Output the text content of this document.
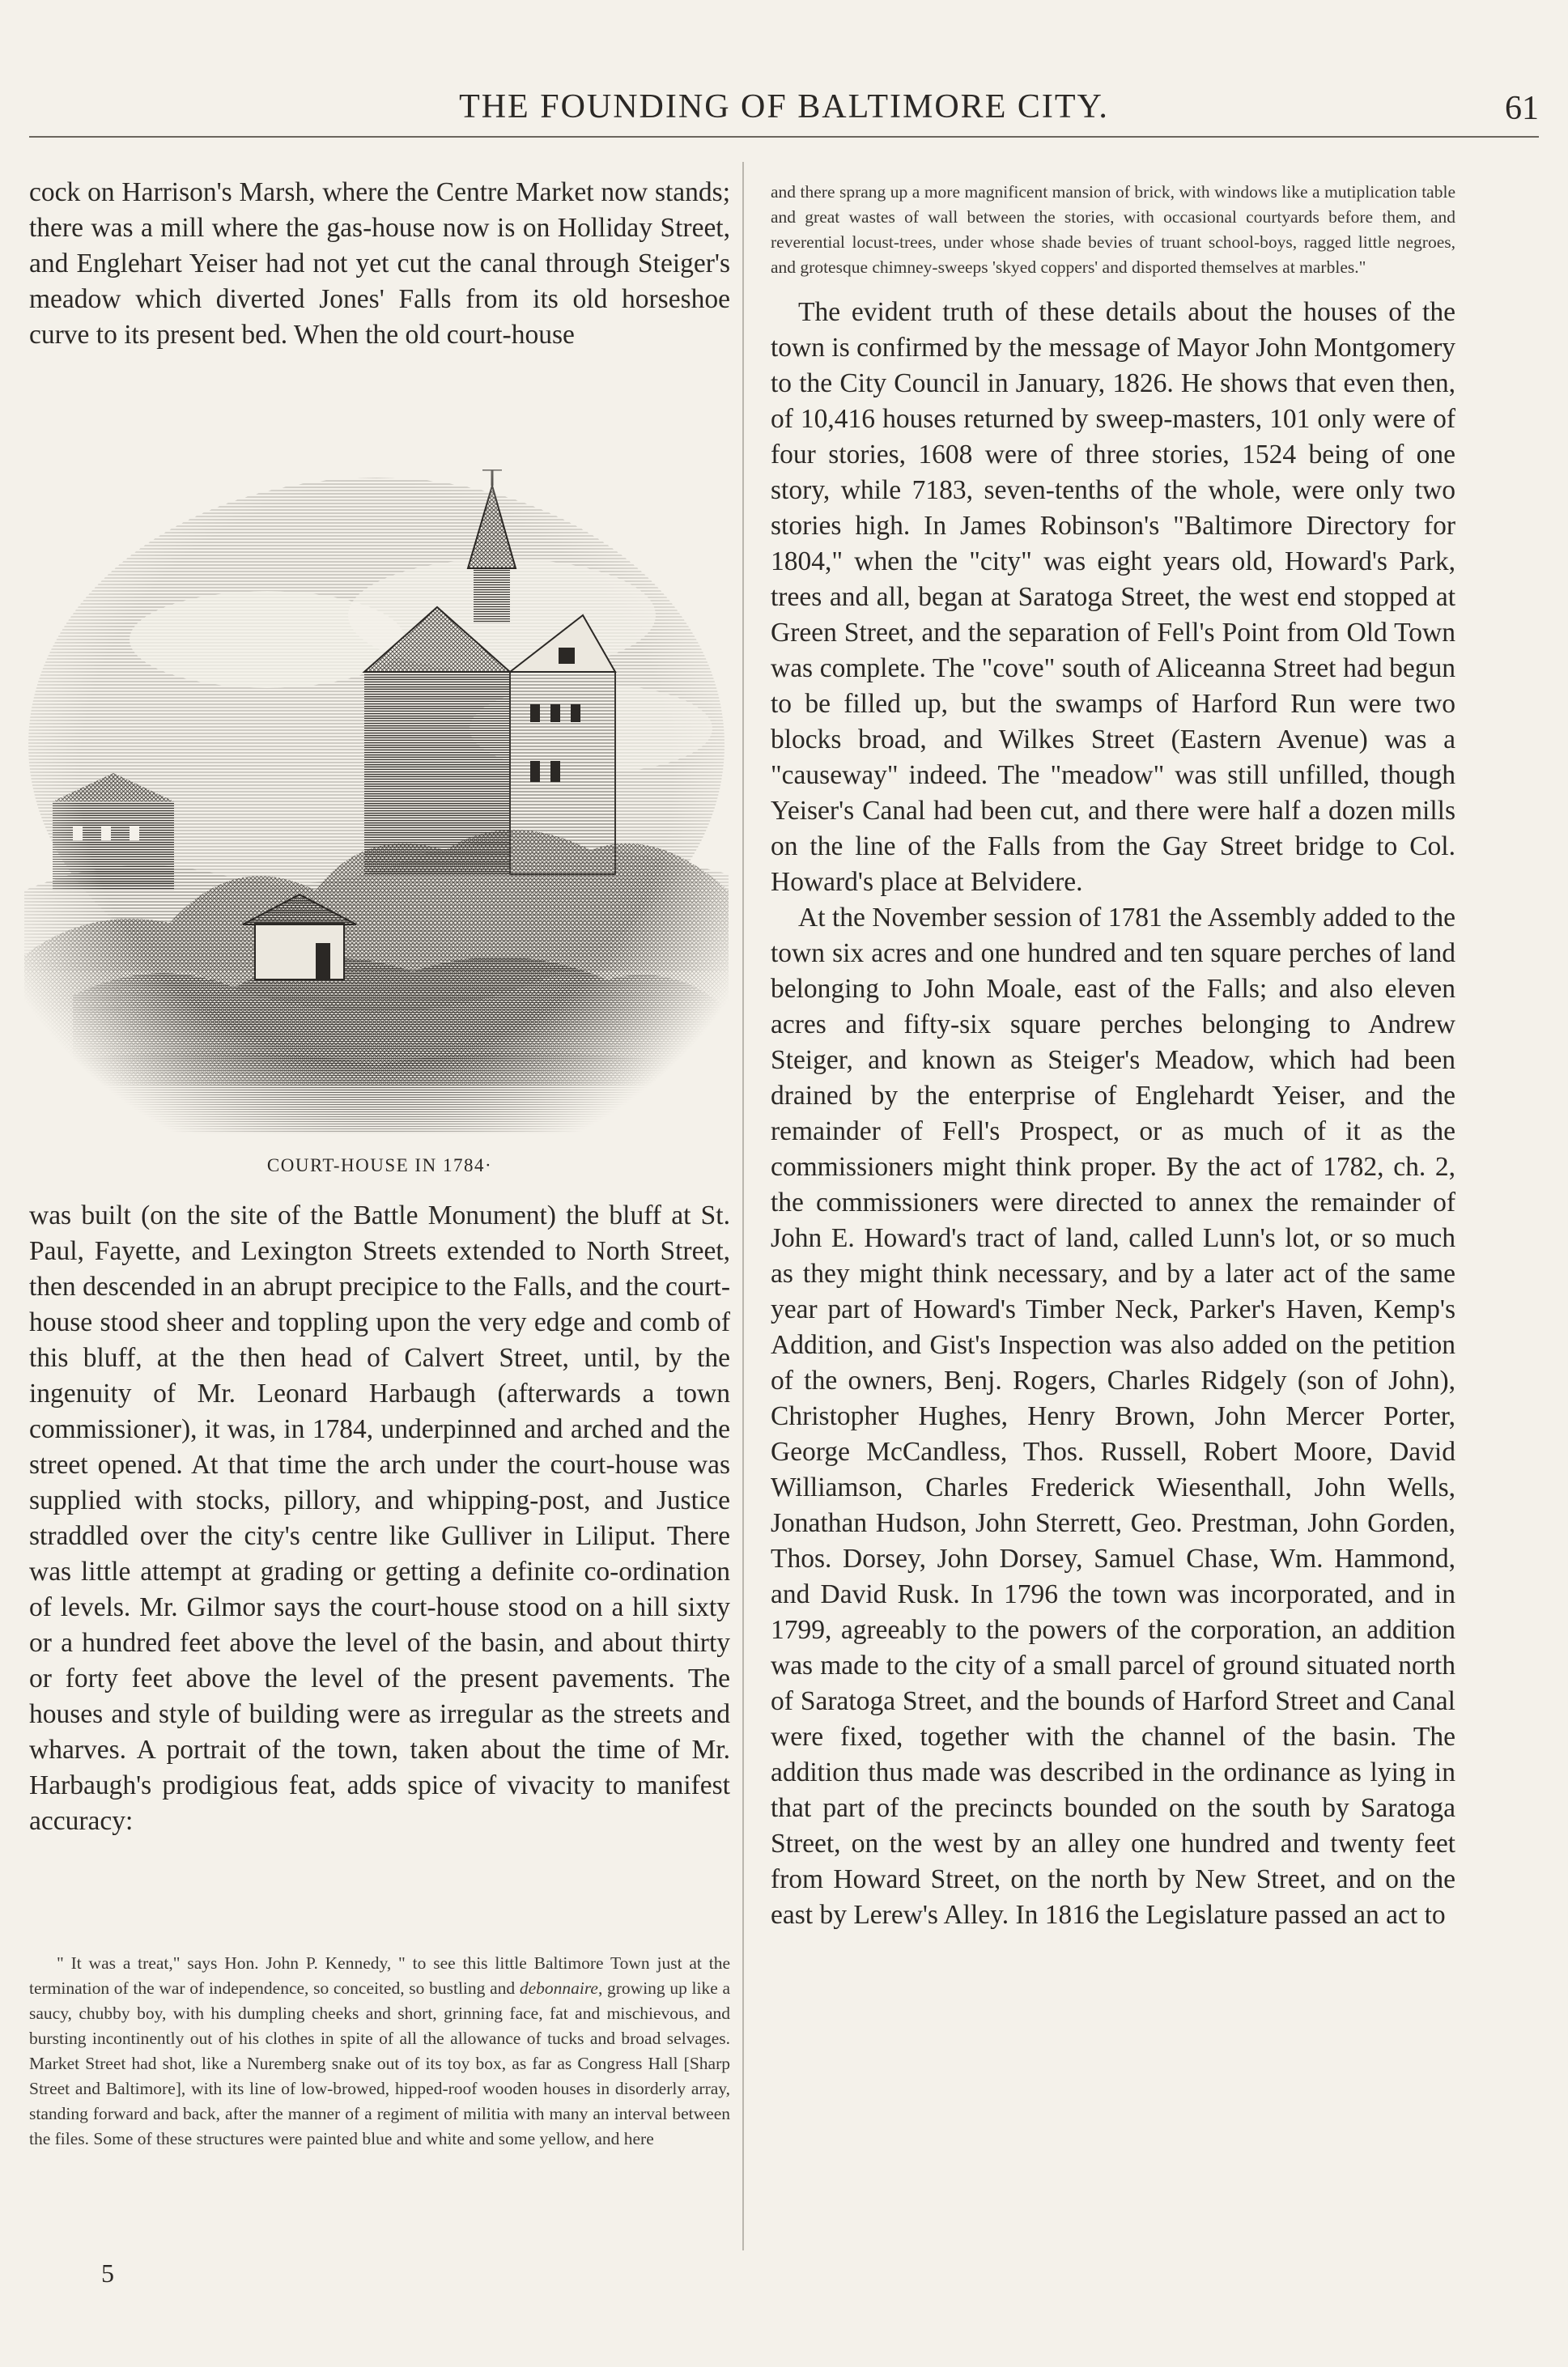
THE FOUNDING OF BALTIMORE CITY.	61

cock on Harrison's Marsh, where the Centre Market now stands; there was a mill where the gas-house now is on Holliday Street, and Englehart Yeiser had not yet cut the canal through Steiger's meadow which diverted Jones' Falls from its old horseshoe curve to its present bed. When the old court-house

COURT-HOUSE IN 1784·

was built (on the site of the Battle Monument) the bluff at St. Paul, Fayette, and Lexington Streets extended to North Street, then descended in an abrupt precipice to the Falls, and the court-house stood sheer and toppling upon the very edge and comb of this bluff, at the then head of Calvert Street, until, by the ingenuity of Mr. Leonard Harbaugh (afterwards a town commissioner), it was, in 1784, underpinned and arched and the street opened. At that time the arch under the court-house was supplied with stocks, pillory, and whipping-post, and Justice straddled over the city's centre like Gulliver in Liliput. There was little attempt at grading or getting a definite co-ordination of levels. Mr. Gilmor says the court-house stood on a hill sixty or a hundred feet above the level of the basin, and about thirty or forty feet above the level of the present pavements. The houses and style of building were as irregular as the streets and wharves. A portrait of the town, taken about the time of Mr. Harbaugh's prodigious feat, adds spice of vivacity to manifest accuracy:

" It was a treat," says Hon. John P. Kennedy, " to see this little Baltimore Town just at the termination of the war of independence, so conceited, so bustling and debonnaire, growing up like a saucy, chubby boy, with his dumpling cheeks and short, grinning face, fat and mischievous, and bursting incontinently out of his clothes in spite of all the allowance of tucks and broad selvages. Market Street had shot, like a Nuremberg snake out of its toy box, as far as Congress Hall [Sharp Street and Baltimore], with its line of low-browed, hipped-roof wooden houses in disorderly array, standing forward and back, after the manner of a regiment of militia with many an interval between the files. Some of these structures were painted blue and white and some yellow, and here

5

and there sprang up a more magnificent mansion of brick, with windows like a mutiplication table and great wastes of wall between the stories, with occasional courtyards before them, and reverential locust-trees, under whose shade bevies of truant school-boys, ragged little negroes, and grotesque chimney-sweeps 'skyed coppers' and disported themselves at marbles."

The evident truth of these details about the houses of the town is confirmed by the message of Mayor John Montgomery to the City Council in January, 1826. He shows that even then, of 10,416 houses returned by sweep-masters, 101 only were of four stories, 1608 were of three stories, 1524 being of one story, while 7183, seven-tenths of the whole, were only two stories high. In James Robinson's "Baltimore Directory for 1804," when the "city" was eight years old, Howard's Park, trees and all, began at Saratoga Street, the west end stopped at Green Street, and the separation of Fell's Point from Old Town was complete. The "cove" south of Aliceanna Street had begun to be filled up, but the swamps of Harford Run were two blocks broad, and Wilkes Street (Eastern Avenue) was a "causeway" indeed. The "meadow" was still unfilled, though Yeiser's Canal had been cut, and there were half a dozen mills on the line of the Falls from the Gay Street bridge to Col. Howard's place at Belvidere.

At the November session of 1781 the Assembly added to the town six acres and one hundred and ten square perches of land belonging to John Moale, east of the Falls; and also eleven acres and fifty-six square perches belonging to Andrew Steiger, and known as Steiger's Meadow, which had been drained by the enterprise of Englehardt Yeiser, and the remainder of Fell's Prospect, or as much of it as the commissioners might think proper. By the act of 1782, ch. 2, the commissioners were directed to annex the remainder of John E. Howard's tract of land, called Lunn's lot, or so much as they might think necessary, and by a later act of the same year part of Howard's Timber Neck, Parker's Haven, Kemp's Addition, and Gist's Inspection was also added on the petition of the owners, Benj. Rogers, Charles Ridgely (son of John), Christopher Hughes, Henry Brown, John Mercer Porter, George McCandless, Thos. Russell, Robert Moore, David Williamson, Charles Frederick Wiesenthall, John Wells, Jonathan Hudson, John Sterrett, Geo. Prestman, John Gorden, Thos. Dorsey, John Dorsey, Samuel Chase, Wm. Hammond, and David Rusk. In 1796 the town was incorporated, and in 1799, agreeably to the powers of the corporation, an addition was made to the city of a small parcel of ground situated north of Saratoga Street, and the bounds of Harford Street and Canal were fixed, together with the channel of the basin. The addition thus made was described in the ordinance as lying in that part of the precincts bounded on the south by Saratoga Street, on the west by an alley one hundred and twenty feet from Howard Street, on the north by New Street, and on the east by Lerew's Alley. In 1816 the Legislature passed an act to
